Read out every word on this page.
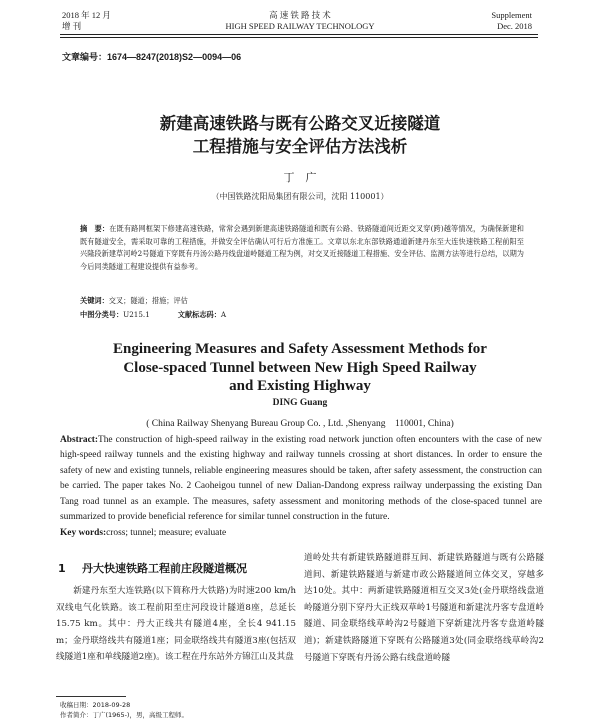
2018 年 12 月
增 刊
高 速 铁 路 技 术
HIGH SPEED RAILWAY TECHNOLOGY
Supplement
Dec. 2018
文章编号：1674—8247(2018)S2—0094—06
新建高速铁路与既有公路交叉近接隧道
工程措施与安全评估方法浅析
丁　广
（中国铁路沈阳局集团有限公司，沈阳 110001）
摘　要：在既有路网框架下修建高速铁路，常常会遇到新建高速铁路隧道和既有公路、铁路隧道间近距交叉穿(跨)越等情况，为确保新建和既有隧道安全，需采取可靠的工程措施，并做安全评估确认可行后方准施工。文章以东北东部铁路通道新建丹东至大连快速铁路工程前阳至兴隆段新建草河岭2号隧道下穿既有丹汤公路丹线盘道岭隧道工程为例，对交叉近接隧道工程措施、安全评估、监测方法等进行总结，以期为今后同类隧道工程建设提供有益参考。
关键词：交叉；隧道；措施；评估
中图分类号：U215.1	文献标志码：A
Engineering Measures and Safety Assessment Methods for
Close-spaced Tunnel between New High Speed Railway
and Existing Highway
DING Guang
( China Railway Shenyang Bureau Group Co. , Ltd. ,Shenyang　110001, China)
Abstract:The construction of high-speed railway in the existing road network junction often encounters with the case of new high-speed railway tunnels and the existing highway and railway tunnels crossing at short distances. In order to ensure the safety of new and existing tunnels, reliable engineering measures should be taken, after safety assessment, the construction can be carried. The paper takes No. 2 Caoheigou tunnel of new Dalian-Dandong express railway underpassing the existing Dan Tang road tunnel as an example. The measures, safety assessment and monitoring methods of the close-spaced tunnel are summarized to provide beneficial reference for similar tunnel construction in the future.
Key words:cross; tunnel; measure; evaluate
1 丹大快速铁路工程前庄段隧道概况

新建丹东至大连铁路(以下简称丹大铁路)为时速200 km/h双线电气化铁路。该工程前阳至庄河段设计隧道8座，总延长15.75 km。其中：丹大正线共有隧道4座，全长4 941.15 m；金丹联络线共有隧道1座；同金联络线共有隧道3座(包括双线隧道1座和单线隧道2座)。该工程在丹东站外方锦江山及其盘

道岭处共有新建铁路隧道群互间、新建铁路隧道与既有公路隧道间、新建铁路隧道与新建市政公路隧道间立体交叉，穿越多达10处。其中：两新建铁路隧道相互交叉3处(金丹联络线盘道岭隧道分别下穿丹大正线双草岭1号隧道和新建沈丹客专盘道岭隧道、同金联络线草岭沟2号隧道下穿新建沈丹客专盘道岭隧道)；新建铁路隧道下穿既有公路隧道3处(同金联络线草岭沟2号隧道下穿既有丹汤公路右线盘道岭隧

收稿日期：2018-09-28
作者简介：丁广(1965-)，男，高级工程师。
